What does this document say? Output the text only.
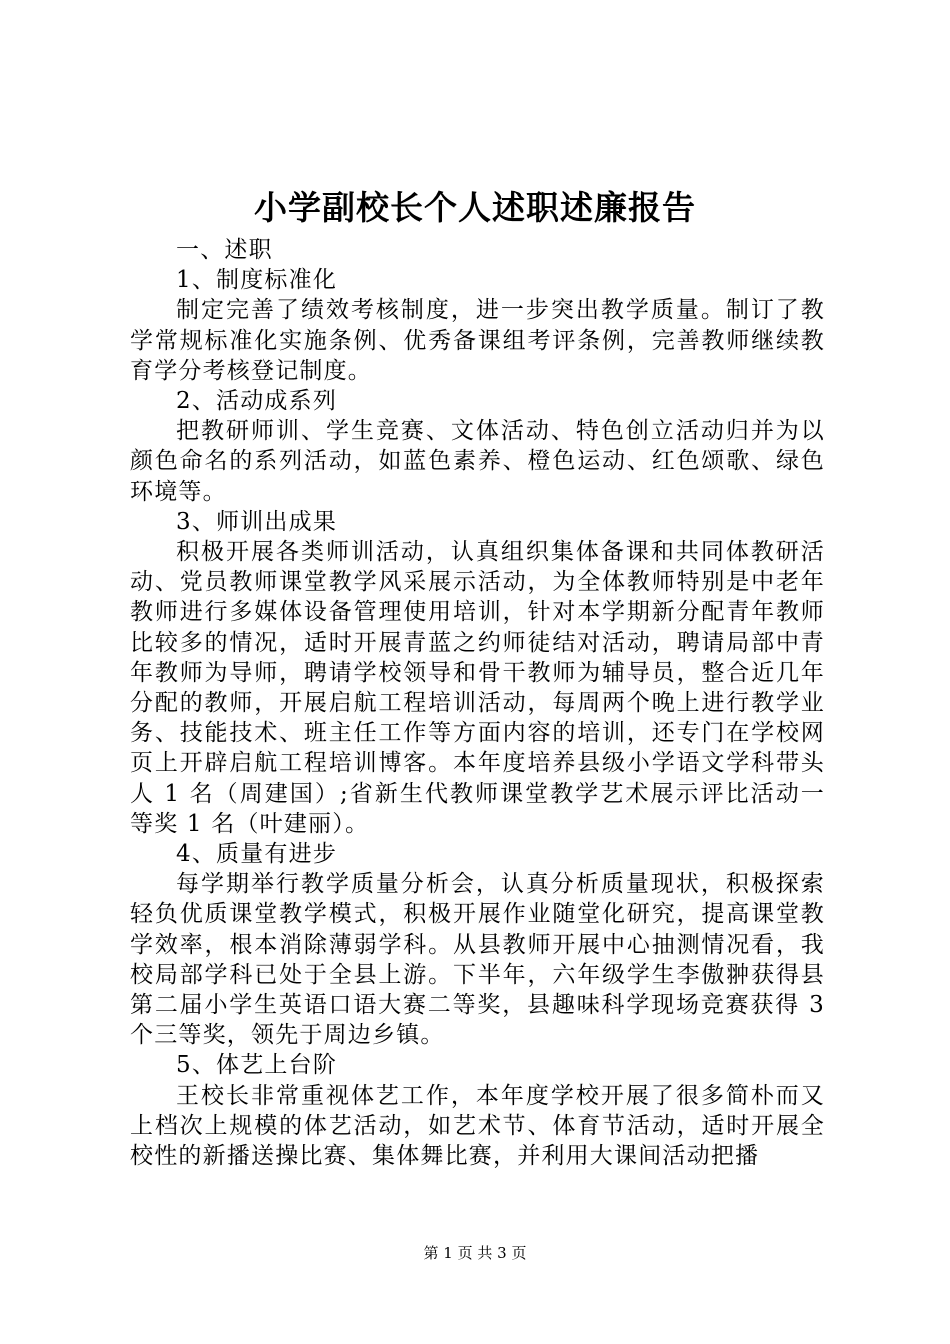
小学副校长个人述职述廉报告

一、述职

1、制度标准化

制定完善了绩效考核制度，进一步突出教学质量。制订了教学常规标准化实施条例、优秀备课组考评条例，完善教师继续教育学分考核登记制度。

2、活动成系列

把教研师训、学生竞赛、文体活动、特色创立活动归并为以颜色命名的系列活动，如蓝色素养、橙色运动、红色颂歌、绿色环境等。

3、师训出成果

积极开展各类师训活动，认真组织集体备课和共同体教研活动、党员教师课堂教学风采展示活动，为全体教师特别是中老年教师进行多媒体设备管理使用培训，针对本学期新分配青年教师比较多的情况，适时开展青蓝之约师徒结对活动，聘请局部中青年教师为导师，聘请学校领导和骨干教师为辅导员，整合近几年分配的教师，开展启航工程培训活动，每周两个晚上进行教学业务、技能技术、班主任工作等方面内容的培训，还专门在学校网页上开辟启航工程培训博客。本年度培养县级小学语文学科带头人 1 名（周建国）;省新生代教师课堂教学艺术展示评比活动一等奖 1 名（叶建丽）。

4、质量有进步

每学期举行教学质量分析会，认真分析质量现状，积极探索轻负优质课堂教学模式，积极开展作业随堂化研究，提高课堂教学效率，根本消除薄弱学科。从县教师开展中心抽测情况看，我校局部学科已处于全县上游。下半年，六年级学生李傲翀获得县第二届小学生英语口语大赛二等奖，县趣味科学现场竞赛获得 3 个三等奖，领先于周边乡镇。

5、体艺上台阶

王校长非常重视体艺工作，本年度学校开展了很多简朴而又上档次上规模的体艺活动，如艺术节、体育节活动，适时开展全校性的新播送操比赛、集体舞比赛，并利用大课间活动把播

第 1 页 共 3 页
